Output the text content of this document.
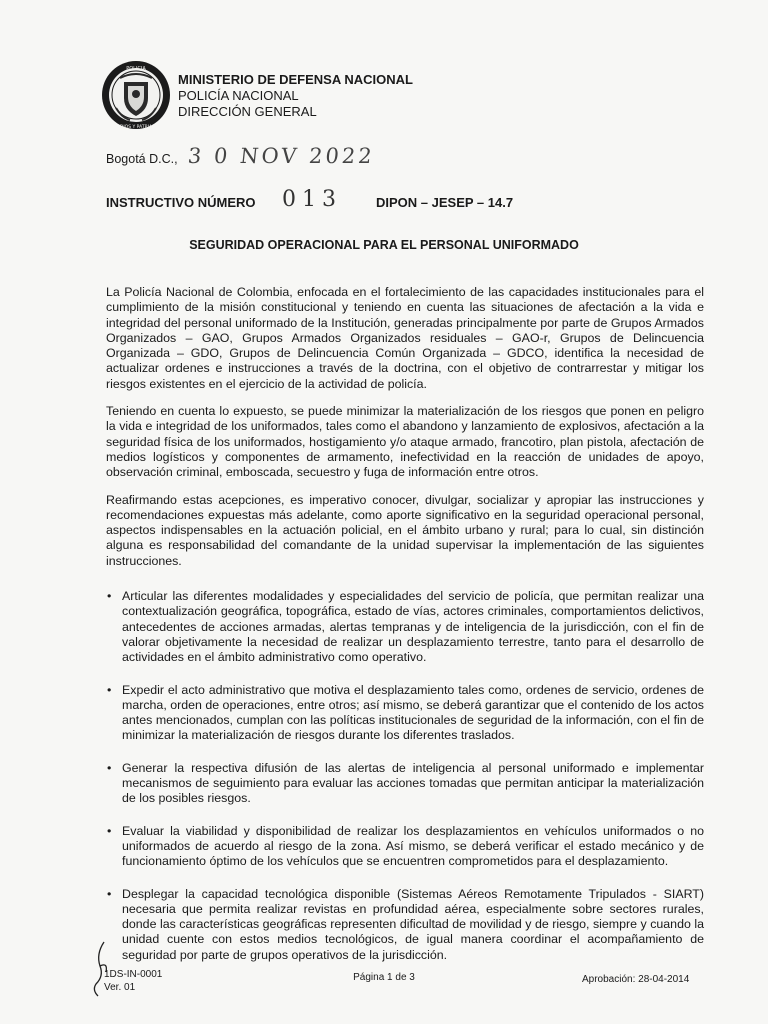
POLICIA
DIOS Y PATRIA
MINISTERIO DE DEFENSA NACIONAL
POLICÍA NACIONAL
DIRECCIÓN GENERAL
Bogotá D.C., 3 0 NOV 2022
INSTRUCTIVO NÚMERO 013	DIPON – JESEP – 14.7
SEGURIDAD OPERACIONAL PARA EL PERSONAL UNIFORMADO

La Policía Nacional de Colombia, enfocada en el fortalecimiento de las capacidades institucionales para el cumplimiento de la misión constitucional y teniendo en cuenta las situaciones de afectación a la vida e integridad del personal uniformado de la Institución, generadas principalmente por parte de Grupos Armados Organizados – GAO, Grupos Armados Organizados residuales – GAO-r, Grupos de Delincuencia Organizada – GDO, Grupos de Delincuencia Común Organizada – GDCO, identifica la necesidad de actualizar ordenes e instrucciones a través de la doctrina, con el objetivo de contrarrestar y mitigar los riesgos existentes en el ejercicio de la actividad de policía.

Teniendo en cuenta lo expuesto, se puede minimizar la materialización de los riesgos que ponen en peligro la vida e integridad de los uniformados, tales como el abandono y lanzamiento de explosivos, afectación a la seguridad física de los uniformados, hostigamiento y/o ataque armado, francotiro, plan pistola, afectación de medios logísticos y componentes de armamento, inefectividad en la reacción de unidades de apoyo, observación criminal, emboscada, secuestro y fuga de información entre otros.

Reafirmando estas acepciones, es imperativo conocer, divulgar, socializar y apropiar las instrucciones y recomendaciones expuestas más adelante, como aporte significativo en la seguridad operacional personal, aspectos indispensables en la actuación policial, en el ámbito urbano y rural; para lo cual, sin distinción alguna es responsabilidad del comandante de la unidad supervisar la implementación de las siguientes instrucciones.

• Articular las diferentes modalidades y especialidades del servicio de policía, que permitan realizar una contextualización geográfica, topográfica, estado de vías, actores criminales, comportamientos delictivos, antecedentes de acciones armadas, alertas tempranas y de inteligencia de la jurisdicción, con el fin de valorar objetivamente la necesidad de realizar un desplazamiento terrestre, tanto para el desarrollo de actividades en el ámbito administrativo como operativo.
• Expedir el acto administrativo que motiva el desplazamiento tales como, ordenes de servicio, ordenes de marcha, orden de operaciones, entre otros; así mismo, se deberá garantizar que el contenido de los actos antes mencionados, cumplan con las políticas institucionales de seguridad de la información, con el fin de minimizar la materialización de riesgos durante los diferentes traslados.
• Generar la respectiva difusión de las alertas de inteligencia al personal uniformado e implementar mecanismos de seguimiento para evaluar las acciones tomadas que permitan anticipar la materialización de los posibles riesgos.
• Evaluar la viabilidad y disponibilidad de realizar los desplazamientos en vehículos uniformados o no uniformados de acuerdo al riesgo de la zona. Así mismo, se deberá verificar el estado mecánico y de funcionamiento óptimo de los vehículos que se encuentren comprometidos para el desplazamiento.
• Desplegar la capacidad tecnológica disponible (Sistemas Aéreos Remotamente Tripulados - SIART) necesaria que permita realizar revistas en profundidad aérea, especialmente sobre sectores rurales, donde las características geográficas representen dificultad de movilidad y de riesgo, siempre y cuando la unidad cuente con estos medios tecnológicos, de igual manera coordinar el acompañamiento de seguridad por parte de grupos operativos de la jurisdicción.
1DS-IN-0001
Ver. 01
Página 1 de 3	Aprobación: 28-04-2014
